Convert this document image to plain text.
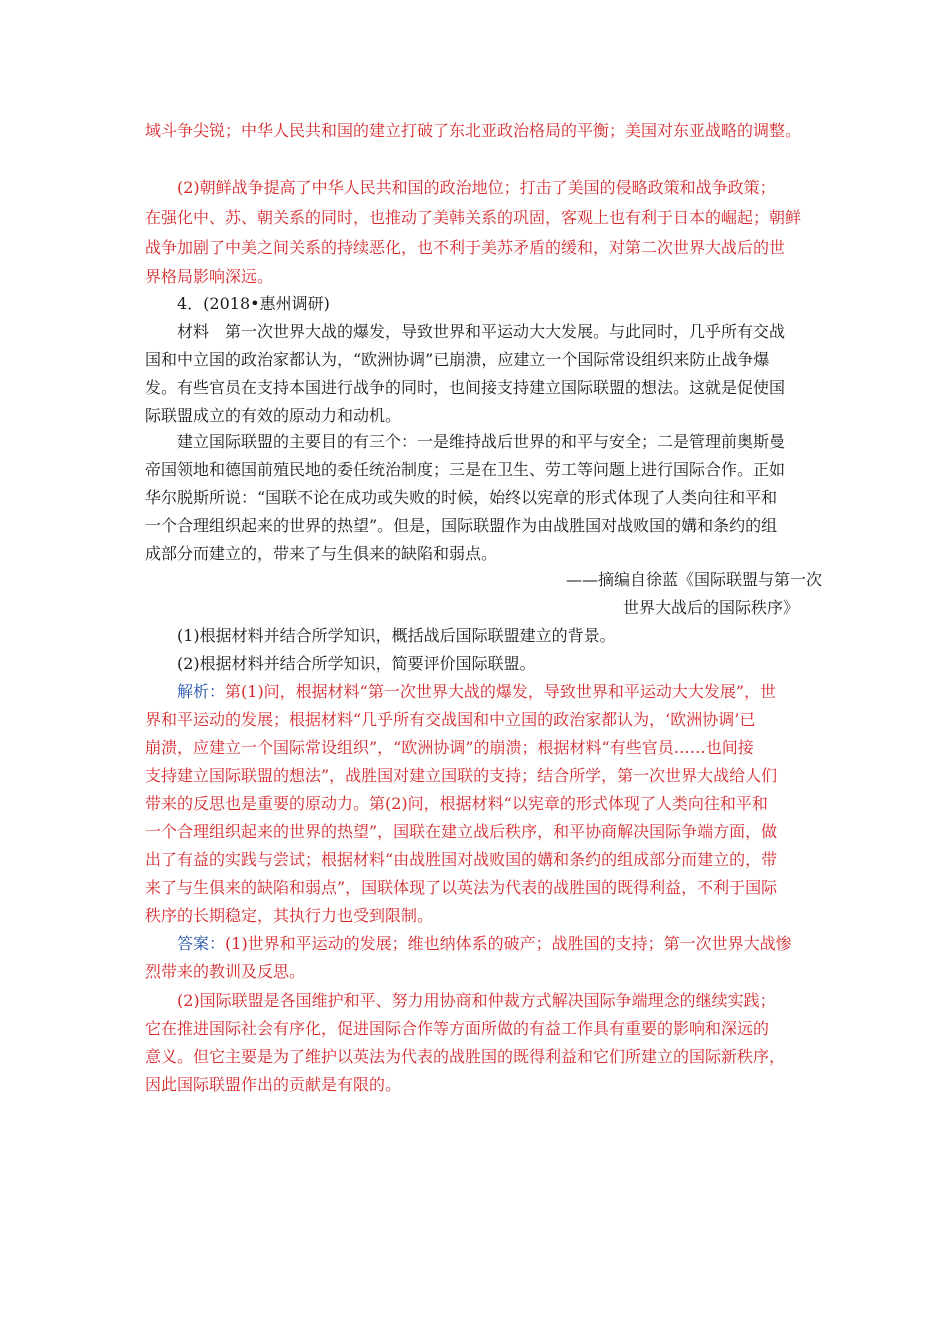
域斗争尖锐；中华人民共和国的建立打破了东北亚政治格局的平衡；美国对东亚战略的调整。
(2)朝鲜战争提高了中华人民共和国的政治地位；打击了美国的侵略政策和战争政策；
在强化中、苏、朝关系的同时，也推动了美韩关系的巩固，客观上也有利于日本的崛起；朝鲜
战争加剧了中美之间关系的持续恶化，也不利于美苏矛盾的缓和，对第二次世界大战后的世
界格局影响深远。
4．(2018•惠州调研)
材料　第一次世界大战的爆发，导致世界和平运动大大发展。与此同时，几乎所有交战
国和中立国的政治家都认为，“欧洲协调”已崩溃，应建立一个国际常设组织来防止战争爆
发。有些官员在支持本国进行战争的同时，也间接支持建立国际联盟的想法。这就是促使国
际联盟成立的有效的原动力和动机。
建立国际联盟的主要目的有三个：一是维持战后世界的和平与安全；二是管理前奥斯曼
帝国领地和德国前殖民地的委任统治制度；三是在卫生、劳工等问题上进行国际合作。正如
华尔脱斯所说：“国联不论在成功或失败的时候，始终以宪章的形式体现了人类向往和平和
一个合理组织起来的世界的热望”。但是，国际联盟作为由战胜国对战败国的媾和条约的组
成部分而建立的，带来了与生俱来的缺陷和弱点。
——摘编自徐蓝《国际联盟与第一次
世界大战后的国际秩序》
(1)根据材料并结合所学知识，概括战后国际联盟建立的背景。
(2)根据材料并结合所学知识，简要评价国际联盟。
解析：第(1)问，根据材料“第一次世界大战的爆发，导致世界和平运动大大发展”，世
界和平运动的发展；根据材料“几乎所有交战国和中立国的政治家都认为，‘欧洲协调’已
崩溃，应建立一个国际常设组织”，“欧洲协调”的崩溃；根据材料“有些官员……也间接
支持建立国际联盟的想法”，战胜国对建立国联的支持；结合所学，第一次世界大战给人们
带来的反思也是重要的原动力。第(2)问，根据材料“以宪章的形式体现了人类向往和平和
一个合理组织起来的世界的热望”，国联在建立战后秩序，和平协商解决国际争端方面，做
出了有益的实践与尝试；根据材料“由战胜国对战败国的媾和条约的组成部分而建立的，带
来了与生俱来的缺陷和弱点”，国联体现了以英法为代表的战胜国的既得利益，不利于国际
秩序的长期稳定，其执行力也受到限制。
答案：(1)世界和平运动的发展；维也纳体系的破产；战胜国的支持；第一次世界大战惨
烈带来的教训及反思。
(2)国际联盟是各国维护和平、努力用协商和仲裁方式解决国际争端理念的继续实践；
它在推进国际社会有序化，促进国际合作等方面所做的有益工作具有重要的影响和深远的
意义。但它主要是为了维护以英法为代表的战胜国的既得利益和它们所建立的国际新秩序，
因此国际联盟作出的贡献是有限的。
